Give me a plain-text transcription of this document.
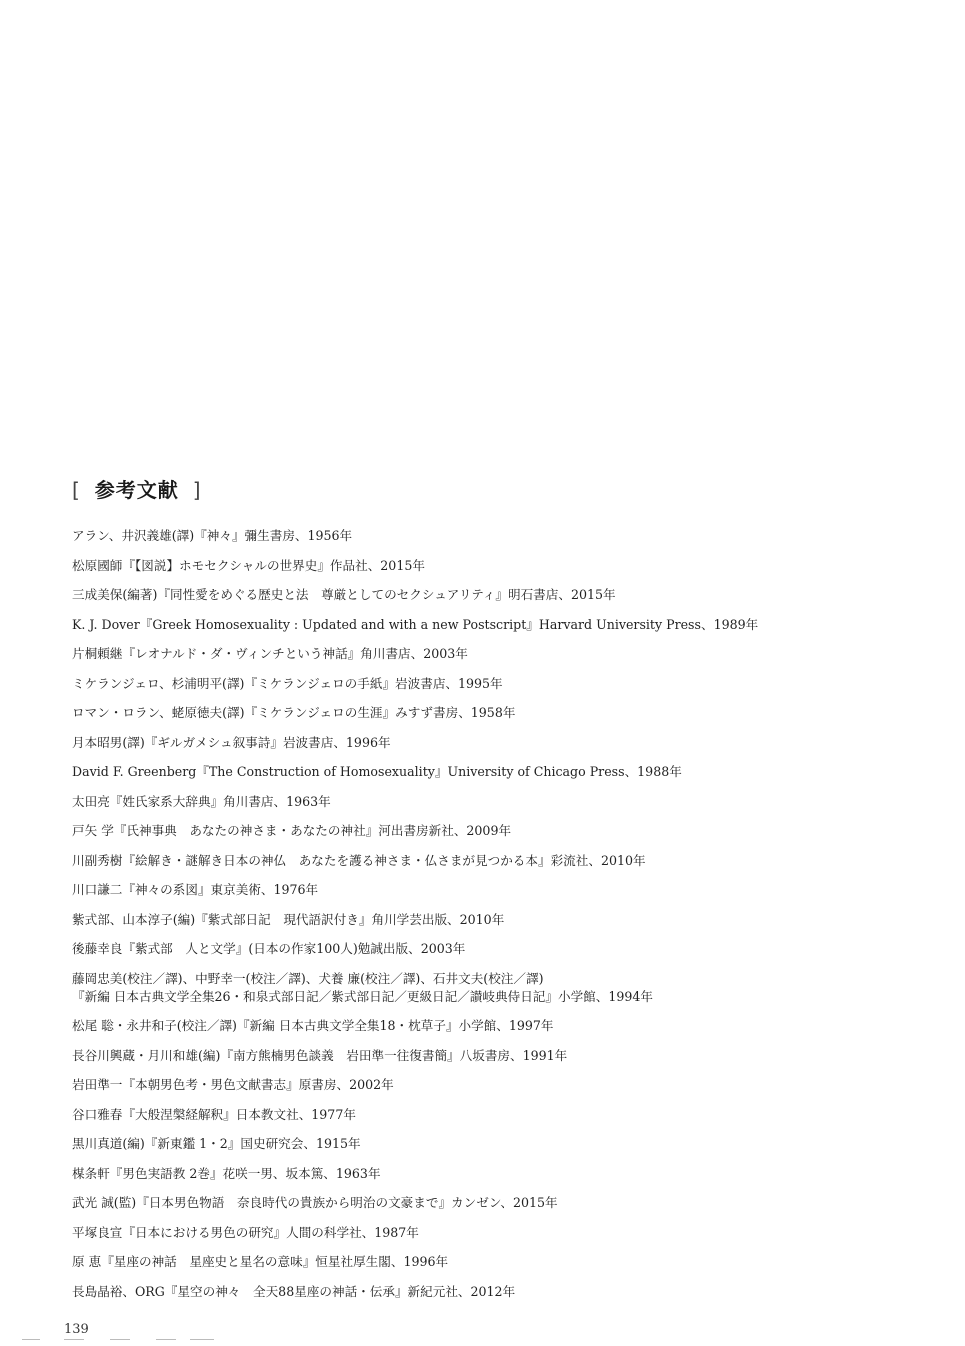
[ 参考文献 ]
アラン、井沢義雄(譯)『神々』彌生書房、1956年
松原國師『【図説】ホモセクシャルの世界史』作品社、2015年
三成美保(編著)『同性愛をめぐる歴史と法　尊厳としてのセクシュアリティ』明石書店、2015年
K. J. Dover『Greek Homosexuality : Updated and with a new Postscript』Harvard University Press、1989年
片桐頼継『レオナルド・ダ・ヴィンチという神話』角川書店、2003年
ミケランジェロ、杉浦明平(譯)『ミケランジェロの手紙』岩波書店、1995年
ロマン・ロラン、蛯原徳夫(譯)『ミケランジェロの生涯』みすず書房、1958年
月本昭男(譯)『ギルガメシュ叙事詩』岩波書店、1996年
David F. Greenberg『The Construction of Homosexuality』University of Chicago Press、1988年
太田亮『姓氏家系大辞典』角川書店、1963年
戸矢 学『氏神事典　あなたの神さま・あなたの神社』河出書房新社、2009年
川副秀樹『絵解き・謎解き日本の神仏　あなたを護る神さま・仏さまが見つかる本』彩流社、2010年
川口謙二『神々の系図』東京美術、1976年
紫式部、山本淳子(編)『紫式部日記　現代語訳付き』角川学芸出版、2010年
後藤幸良『紫式部　人と文学』(日本の作家100人)勉誠出版、2003年
藤岡忠美(校注／譯)、中野幸一(校注／譯)、犬養 廉(校注／譯)、石井文夫(校注／譯)
『新編 日本古典文学全集26・和泉式部日記／紫式部日記／更級日記／讃岐典侍日記』小学館、1994年
松尾 聡・永井和子(校注／譯)『新編 日本古典文学全集18・枕草子』小学館、1997年
長谷川興蔵・月川和雄(編)『南方熊楠男色談義　岩田準一往復書簡』八坂書房、1991年
岩田準一『本朝男色考・男色文献書志』原書房、2002年
谷口雅春『大般涅槃経解釈』日本教文社、1977年
黒川真道(編)『新東鑑 1・2』国史研究会、1915年
楳条軒『男色実語教 2巻』花咲一男、坂本篤、1963年
武光 誠(監)『日本男色物語　奈良時代の貴族から明治の文豪まで』カンゼン、2015年
平塚良宣『日本における男色の研究』人間の科学社、1987年
原 恵『星座の神話　星座史と星名の意味』恒星社厚生閣、1996年
長島晶裕、ORG『星空の神々　全天88星座の神話・伝承』新紀元社、2012年
139
